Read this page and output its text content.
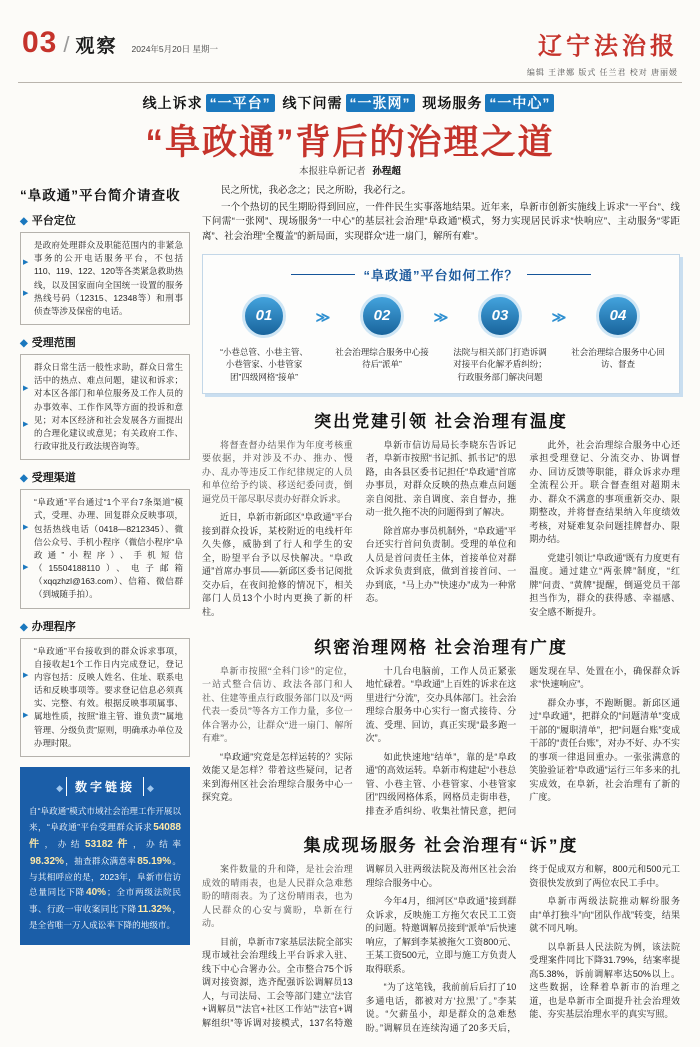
03 / 观察 2024年5月20日 星期一	辽宁法治报
编辑 王津娜 版式 任兰君 校对 唐丽媛
线上诉求 “一平台” 线下问需 “一张网” 现场服务 “一中心”
“阜政通”背后的治理之道
本报驻阜新记者 孙程超
“阜政通”平台简介请查收
◆ 平台定位
▶
▶
是政府处理群众及职能范围内的非紧急事务的公开电话服务平台，不包括110、119、122、120等各类紧急救助热线，以及国家面向全国统一设置的服务热线号码（12315、12348等）和刑事侦查等涉及保密的电话。
◆ 受理范围
▶
▶
群众日常生活一般性求助，群众日常生活中的热点、难点问题，建议和诉求；对本区各部门和单位服务及工作人员的办事效率、工作作风等方面的投诉和意见；对本区经济和社会发展各方面提出的合理化建议或意见；有关政府工作、行政审批及行政法规咨询等。
◆ 受理渠道
▶
▶
“阜政通”平台通过“1个平台7条渠道”模式，受理、办理、回复群众反映事项，包括热线电话（0418—8212345）、微信公众号、手机小程序（微信小程序“阜政通”小程序）、手机短信（15504188110）、电子邮箱（xqqzhzl@163.com）、信箱、微信群（到城随手拍）。
◆ 办理程序
▶
▶
“阜政通”平台接收到的群众诉求事项，自接收起1个工作日内完成登记，登记内容包括：反映人姓名、住址、联系电话和反映事项等。要求登记信息必须真实、完整、有效。根据反映事项属事、属地性质，按照“谁主管、谁负责”“属地管理、分级负责”原则，明确承办单位及办理时限。
◆ 数字链接 ◆

自“阜政通”模式市域社会治理工作开展以来，“阜政通”平台受理群众诉求54088件，办结53182件，办结率98.32%，抽查群众满意率85.19%。与其相呼应的是，2023年，阜新市信访总量同比下降40%；全市两级法院民事、行政一审收案同比下降11.32%，是全省唯一万人成讼率下降的地级市。

民之所忧，我必念之；民之所盼，我必行之。

一个个热切的民生期盼得到回应，一件件民生实事落地结果。近年来，阜新市创新实施线上诉求“一平台”、线下问需“一张网”、现场服务“一中心”的基层社会治理“阜政通”模式，努力实现居民诉求“快响应”、主动服务“零距离”、社会治理“全覆盖”的新局面，实现群众“进一扇门，解所有难”。

“阜政通”平台如何工作？
01
“小巷总管、小巷主管、小巷管家、小巷管家团”四级网格“接单”
≫	02
社会治理综合服务中心接待后“派单”
≫	03
法院与相关部门打造诉调对接平台化解矛盾纠纷；行政服务部门解决问题
≫	04
社会治理综合服务中心回访、督查
突出党建引领 社会治理有温度

将督查督办结果作为年度考核重要依据，并对涉及不办、推办、慢办、乱办等违反工作纪律规定的人员和单位给予约谈、移送纪委问责，倒逼党员干部尽职尽责办好群众诉求。

近日，阜新市新邱区“阜政通”平台接到群众投诉，某校附近的电线杆年久失修，威胁到了行人和学生的安全，盼望平台予以尽快解决。“阜政通”首席办事员——新邱区委书记阅批交办后，在夜间抢修的情况下，相关部门人员13个小时内更换了新的杆柱。

阜新市信访局局长李晓东告诉记者，阜新市按照“书记抓、抓书记”的思路，由各县区委书记担任“阜政通”首席办事员，对群众反映的热点难点问题亲自阅批、亲自调度、亲自督办，推动一批久拖不决的问题得到了解决。

除首席办事员机制外，“阜政通”平台还实行首问负责制。受理的单位和人员是首问责任主体，首接单位对群众诉求负责到底，做到首接首问、一办到底，“马上办”“快速办”成为一种常态。

此外，社会治理综合服务中心还承担受理登记、分流交办、协调督办、回访反馈等职能，群众诉求办理全流程公开。联合督查组对超期未办、群众不满意的事项重新交办、限期整改，并将督查结果纳入年度绩效考核，对疑难复杂问题挂牌督办、限期办结。

党建引领让“阜政通”既有力度更有温度。通过建立“两张牌”制度，“红牌”问责、“黄牌”提醒，倒逼党员干部担当作为，群众的获得感、幸福感、安全感不断提升。

织密治理网格 社会治理有广度

阜新市按照“全科门诊”的定位，一站式整合信访、政法各部门和人社、住建等重点行政服务部门以及“两代表一委员”等各方工作力量，多位一体合署办公，让群众“进一扇门、解所有难”。

“阜政通”究竟是怎样运转的？实际效能又是怎样？带着这些疑问，记者来到海州区社会治理综合服务中心一探究竟。

十几台电脑前，工作人员正紧张地忙碌着。“阜政通”上百姓的诉求在这里进行“分流”，交办具体部门。社会治理综合服务中心实行一窗式接待、分流、受理、回访，真正实现“最多跑一次”。

如此快速地“结单”，靠的是“阜政通”的高效运转。阜新市构建起“小巷总管、小巷主管、小巷管家、小巷管家团”四级网格体系，网格员走街串巷，排查矛盾纠纷、收集社情民意，把问题发现在早、处置在小，确保群众诉求“快速响应”。

群众办事，不跑断腿。新邱区通过“阜政通”，把群众的“问题清单”变成干部的“履职清单”，把“问题台账”变成干部的“责任台账”，对办不好、办不实的事项一律退回重办。一张张满意的笑脸验证着“阜政通”运行三年多来的扎实成效，在阜新，社会治理有了新的广度。

集成现场服务 社会治理有“诉”度

案件数量的升和降，是社会治理成效的晴雨表，也是人民群众急难愁盼的晴雨表。为了这份晴雨表，也为人民群众的心安与冀盼，阜新在行动。

目前，阜新市7家基层法院全部实现市域社会治理线上平台诉求入驻、线下中心合署办公。全市整合75个诉调对接资源，选齐配强诉讼调解员13人，与司法局、工会等部门建立“法官+调解员”“法官+社区工作站”“法官+调解组织”等诉调对接模式，137名特邀调解员入驻两级法院及海州区社会治理综合服务中心。

今年4月，细河区“阜政通”接到群众诉求，反映施工方拖欠农民工工资的问题。特邀调解员接到“派单”后快速响应，了解到李某被拖欠工资800元、王某工资500元，立即与施工方负责人取得联系。

“为了这笔钱，我前前后后打了10多通电话，都被对方‘拉黑’了。”李某说。“欠薪虽小，却是群众的急难愁盼。”调解员在连续沟通了20多天后，终于促成双方和解，800元和500元工资很快发放到了两位农民工手中。

阜新市两级法院推动解纷服务由“单打独斗”向“团队作战”转变，结果就不同凡响。

以阜新县人民法院为例，该法院受理案件同比下降31.79%，结案率提高5.38%，诉前调解率达50%以上。这些数据，诠释着阜新市的治理之道，也是阜新市全面提升社会治理效能、夯实基层治理水平的真实写照。
